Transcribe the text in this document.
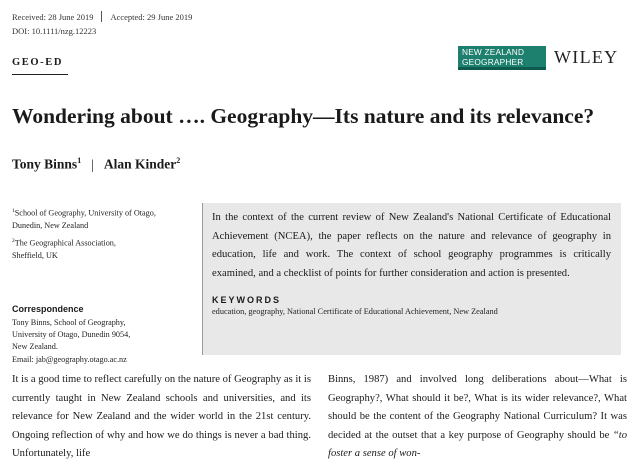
Received: 28 June 2019 Accepted: 29 June 2019
DOI: 10.1111/nzg.12223
GEO-ED
NEW ZEALAND
GEOGRAPHER	WILEY
Wondering about …. Geography—Its nature and its relevance?
Tony Binns$^1$ | Alan Kinder$^2$
$^1$School of Geography, University of Otago,
Dunedin, New Zealand
$^2$The Geographical Association,
Sheffield, UK
Correspondence
Tony Binns, School of Geography,
University of Otago, Dunedin 9054,
New Zealand.
Email: jab@geography.otago.ac.nz
In the context of the current review of New Zealand's National Certificate of Educational Achievement (NCEA), the paper reflects on the nature and relevance of geography in education, life and work. The context of school geography programmes is critically examined, and a checklist of points for further consideration and action is presented.
KEYWORDS
education, geography, National Certificate of Educational Achievement, New Zealand
It is a good time to reflect carefully on the nature of Geography as it is currently taught in New Zealand schools and universities, and its relevance for New Zealand and the wider world in the 21st century. Ongoing reflection of why and how we do things is never a bad thing. Unfortunately, life
Binns, 1987) and involved long deliberations about—What is Geography?, What should it be?, What is its wider relevance?, What should be the content of the Geography National Curriculum? It was decided at the outset that a key purpose of Geography should be “to foster a sense of won-
